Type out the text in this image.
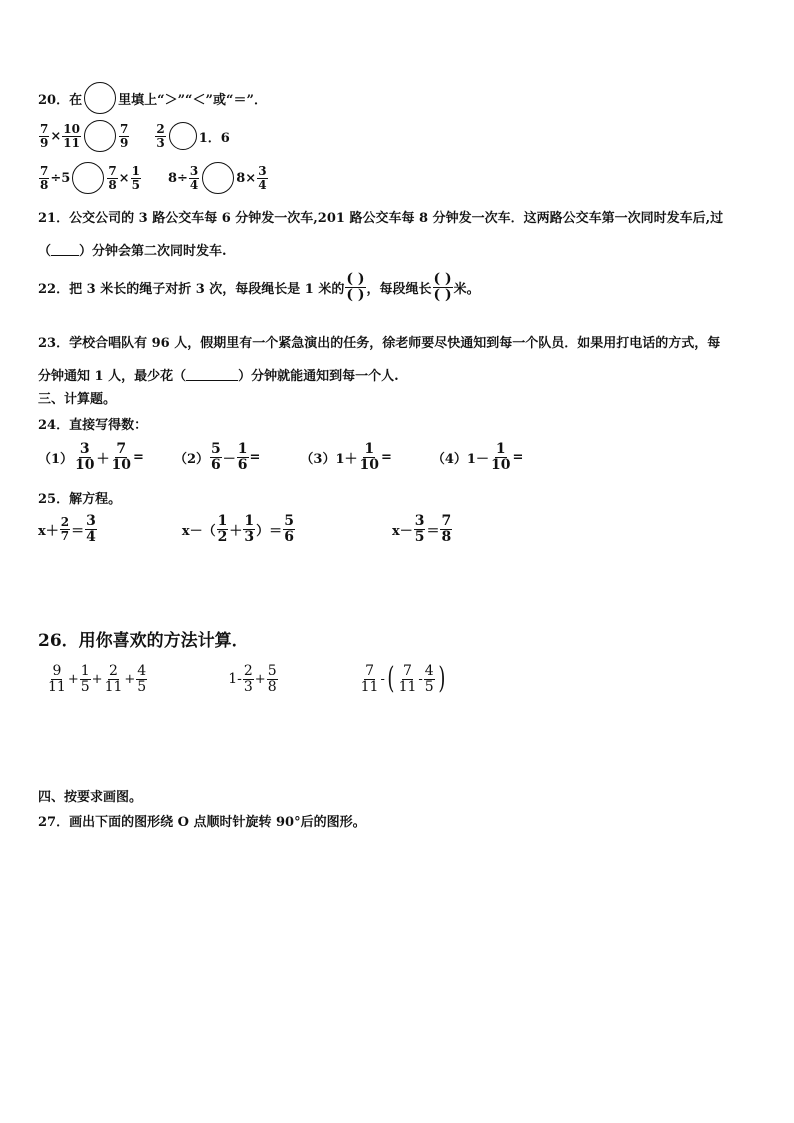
20．在	里填上“＞”“＜”或“＝”．
$\frac{7}{9} \times \frac{10}{11}$	7
9
2
3	1．6
$\frac{7}{8} \div 5$	$\frac{7}{8} \times \frac{1}{5} 8\div \frac{3}{4}$	$8\times \frac{3}{4}$
21．公交公司的 3 路公交车每 6 分钟发一次车,201 路公交车每 8 分钟发一次车．这两路公交车第一次同时发车后,过
（ ）分钟会第二次同时发车.
22．把 3 米长的绳子对折 3 次，每段绳长是 1 米的
( )
( ) ，每段绳长
( )
( ) 米。
23．学校合唱队有 96 人，假期里有一个紧急演出的任务，徐老师要尽快通知到每一个队员．如果用打电话的方式，每
分钟通知 1 人，最少花（	）分钟就能通知到每一个人.
三、计算题。
24．直接写得数：
（1）
3
$10 + \frac{7}{10} = (2)$
5
$6 - \frac{1}{6}$ =	$(3)1+ \frac{1}{10}$ =	$(4)1- \frac{1}{10}$ =
25．解方程。
x＋
2
7 ＝
3
4	x－（
1
2 ＋
1
3 ）＝
5
6	x－
3
5 ＝
7
8
26．用你喜欢的方法计算．
9
$11 + \frac{1}{5} + \frac{2}{11} + \frac{4}{5}$	1-
2
$3 + \frac{5}{8}$	7
11 - ( 7
11 -
4
5 )
四、按要求画图。
27．画出下面的图形绕 O 点顺时针旋转 90°后的图形。
